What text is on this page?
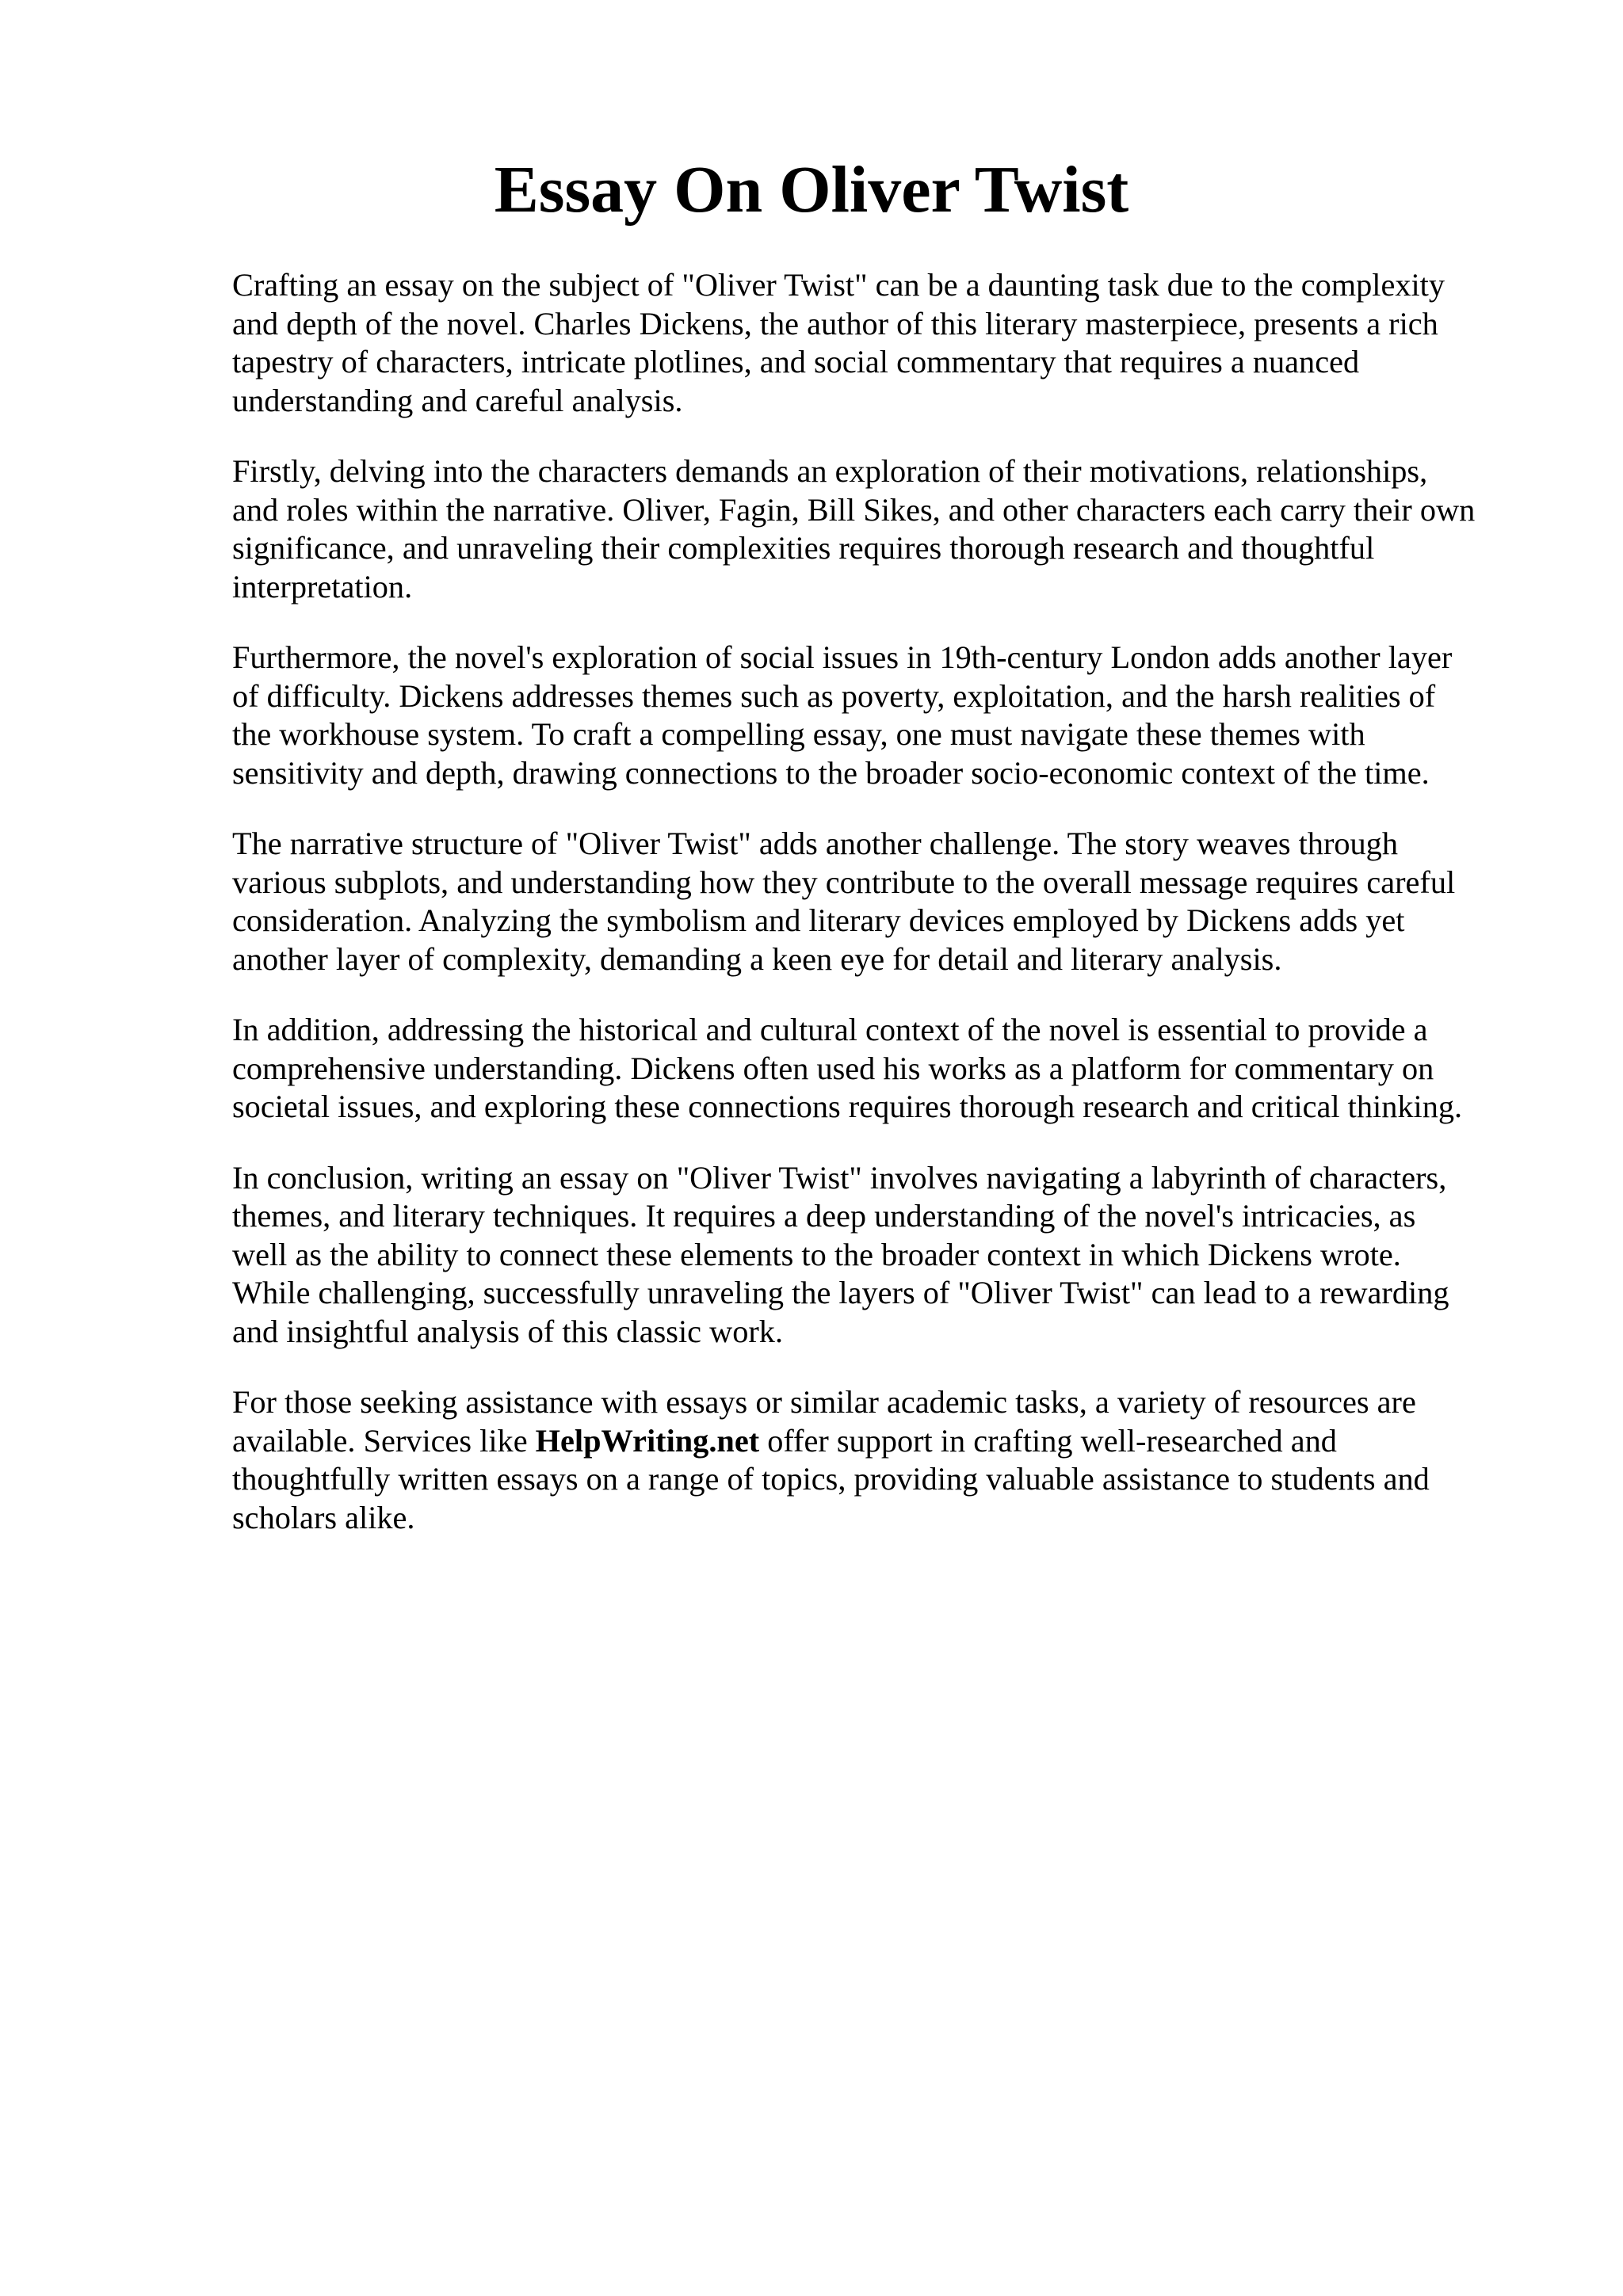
Essay On Oliver Twist

Crafting an essay on the subject of "Oliver Twist" can be a daunting task due to the complexity
and depth of the novel. Charles Dickens, the author of this literary masterpiece, presents a rich
tapestry of characters, intricate plotlines, and social commentary that requires a nuanced
understanding and careful analysis.

Firstly, delving into the characters demands an exploration of their motivations, relationships,
and roles within the narrative. Oliver, Fagin, Bill Sikes, and other characters each carry their own
significance, and unraveling their complexities requires thorough research and thoughtful
interpretation.

Furthermore, the novel's exploration of social issues in 19th-century London adds another layer
of difficulty. Dickens addresses themes such as poverty, exploitation, and the harsh realities of
the workhouse system. To craft a compelling essay, one must navigate these themes with
sensitivity and depth, drawing connections to the broader socio-economic context of the time.

The narrative structure of "Oliver Twist" adds another challenge. The story weaves through
various subplots, and understanding how they contribute to the overall message requires careful
consideration. Analyzing the symbolism and literary devices employed by Dickens adds yet
another layer of complexity, demanding a keen eye for detail and literary analysis.

In addition, addressing the historical and cultural context of the novel is essential to provide a
comprehensive understanding. Dickens often used his works as a platform for commentary on
societal issues, and exploring these connections requires thorough research and critical thinking.

In conclusion, writing an essay on "Oliver Twist" involves navigating a labyrinth of characters,
themes, and literary techniques. It requires a deep understanding of the novel's intricacies, as
well as the ability to connect these elements to the broader context in which Dickens wrote.
While challenging, successfully unraveling the layers of "Oliver Twist" can lead to a rewarding
and insightful analysis of this classic work.

For those seeking assistance with essays or similar academic tasks, a variety of resources are
available. Services like HelpWriting.net offer support in crafting well-researched and
thoughtfully written essays on a range of topics, providing valuable assistance to students and
scholars alike.
